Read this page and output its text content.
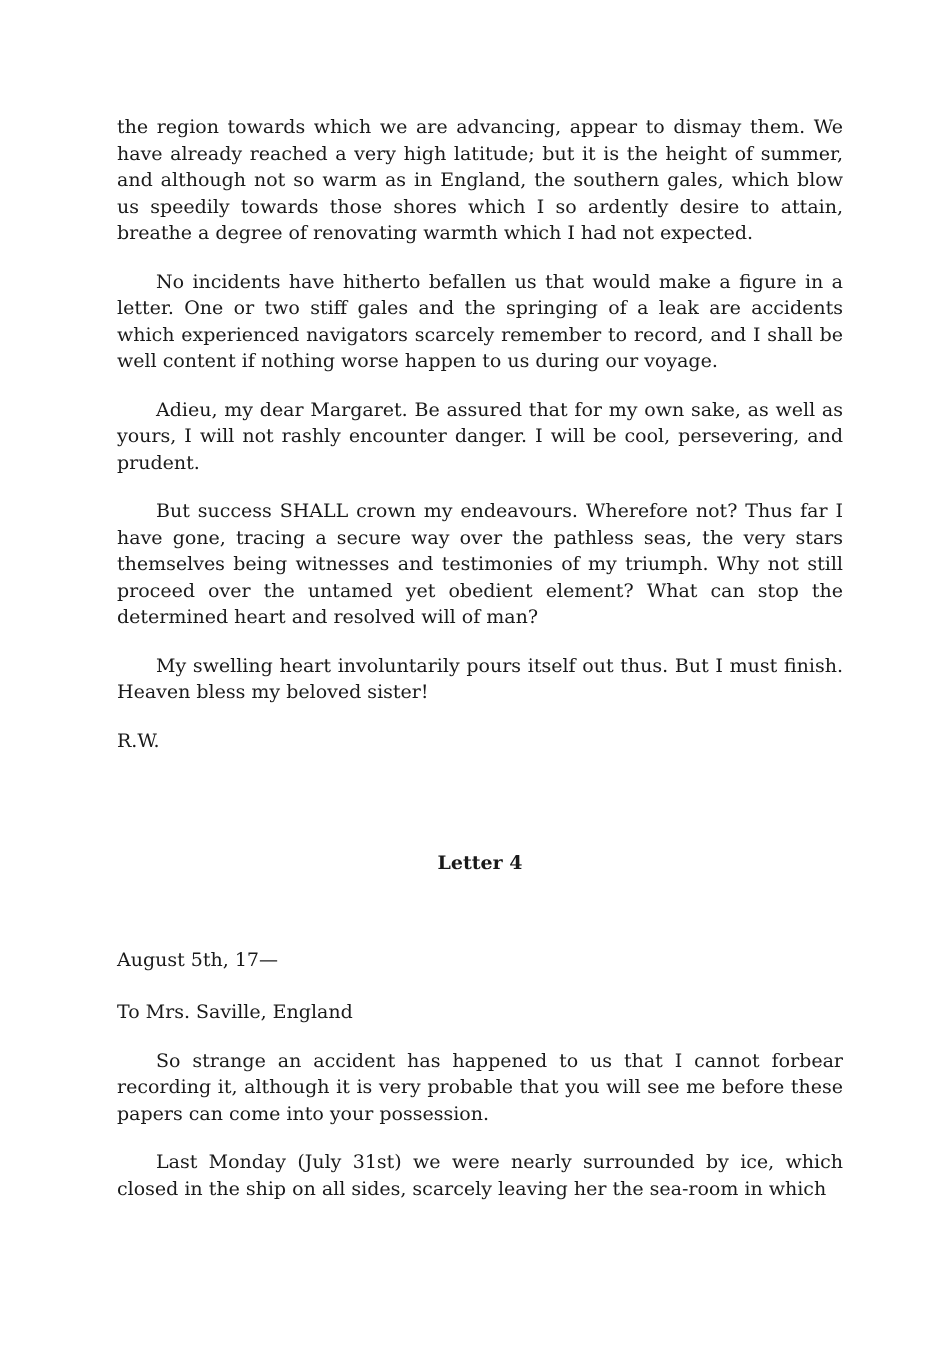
the region towards which we are advancing, appear to dismay them. We have already reached a very high latitude; but it is the height of summer, and although not so warm as in England, the southern gales, which blow us speedily towards those shores which I so ardently desire to attain, breathe a degree of renovating warmth which I had not expected.

No incidents have hitherto befallen us that would make a figure in a letter. One or two stiff gales and the springing of a leak are accidents which experienced navigators scarcely remember to record, and I shall be well content if nothing worse happen to us during our voyage.

Adieu, my dear Margaret. Be assured that for my own sake, as well as yours, I will not rashly encounter danger. I will be cool, persevering, and prudent.

But success SHALL crown my endeavours. Wherefore not? Thus far I have gone, tracing a secure way over the pathless seas, the very stars themselves being witnesses and testimonies of my triumph. Why not still proceed over the untamed yet obedient element? What can stop the determined heart and resolved will of man?

My swelling heart involuntarily pours itself out thus. But I must finish. Heaven bless my beloved sister!

R.W.

Letter 4

August 5th, 17—

To Mrs. Saville, England

So strange an accident has happened to us that I cannot forbear recording it, although it is very probable that you will see me before these papers can come into your possession.

Last Monday (July 31st) we were nearly surrounded by ice, which closed in the ship on all sides, scarcely leaving her the sea-room in which
